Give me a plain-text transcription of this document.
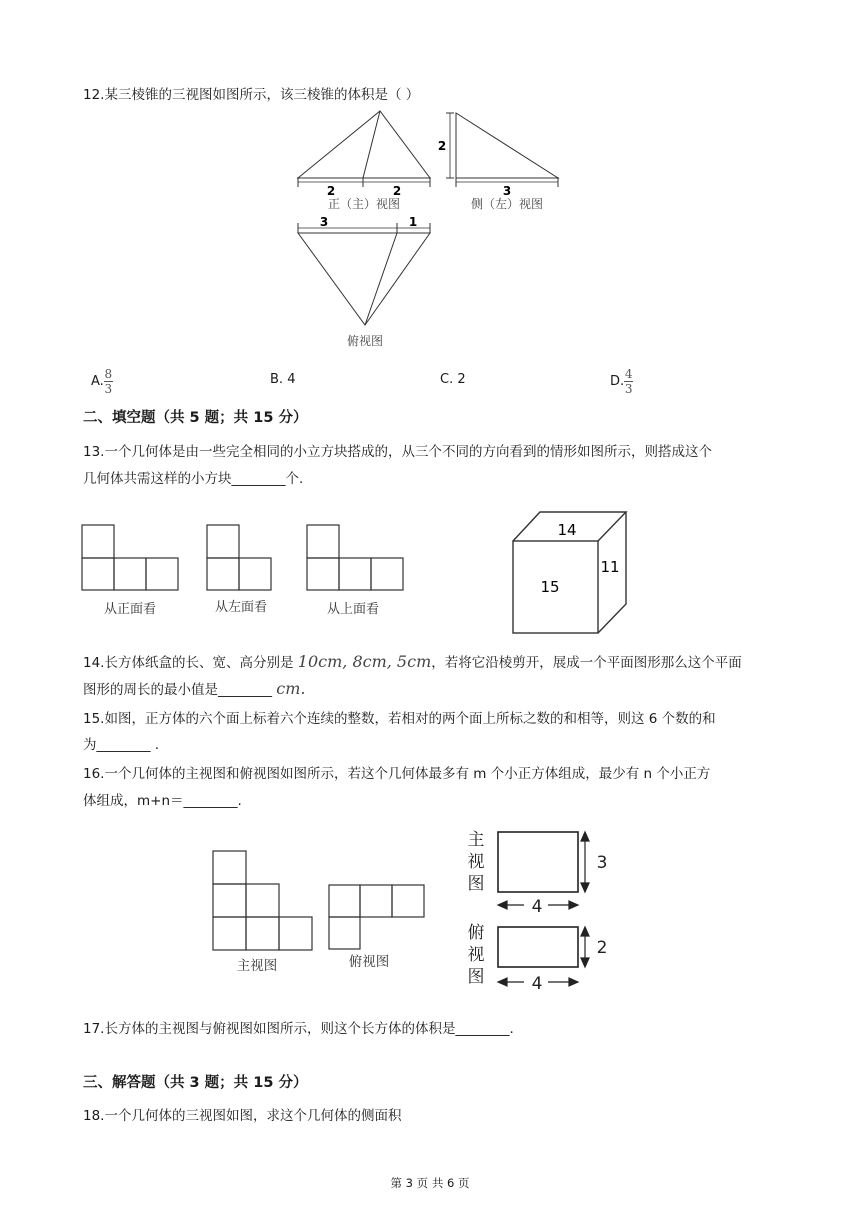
12.某三棱锥的三视图如图所示，该三棱锥的体积是（ ）
2	2
正（主）视图
2
3
侧（左）视图
3	1
俯视图
A. $\frac{8}{3}$	B. 4	C. 2	D. $\frac{4}{3}$
二、填空题（共 5 题；共 15 分）
13.一个几何体是由一些完全相同的小立方块搭成的，从三个不同的方向看到的情形如图所示，则搭成这个
几何体共需这样的小方块________个.
从正面看	从左面看	从上面看
14
15
11
14.长方体纸盒的长、宽、高分别是 10cm, 8cm, 5cm，若将它沿棱剪开，展成一个平面图形那么这个平面
图形的周长的最小值是________ cm.
15.如图，正方体的六个面上标着六个连续的整数，若相对的两个面上所标之数的和相等，则这 6 个数的和
为________ .
16.一个几何体的主视图和俯视图如图所示，若这个几何体最多有 m 个小正方体组成，最少有 n 个小正方
体组成，m+n＝________.
主视图	俯视图
主
视
图
俯
视
图
3
4
2
4
17.长方体的主视图与俯视图如图所示，则这个长方体的体积是________.
三、解答题（共 3 题；共 15 分）
18.一个几何体的三视图如图，求这个几何体的侧面积
第 3 页 共 6 页
